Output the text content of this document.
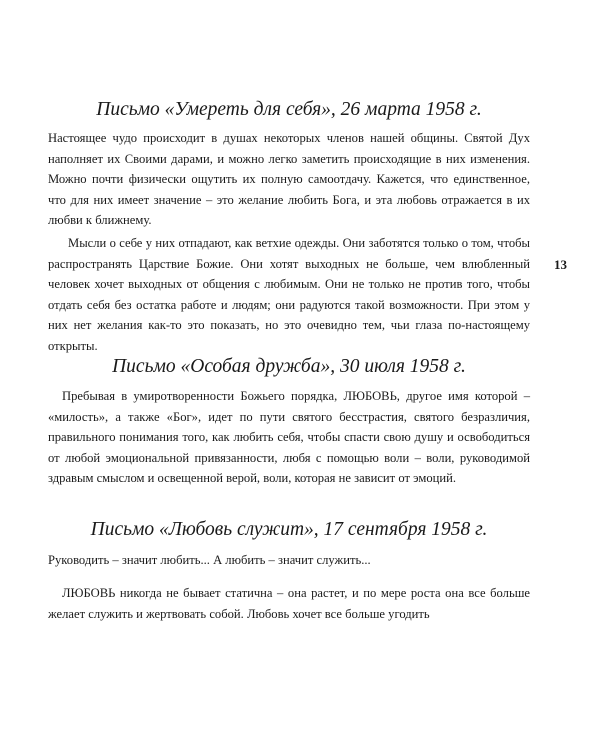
13

Письмо «Умереть для себя», 26 марта 1958 г.

Настоящее чудо происходит в душах некоторых членов нашей общины. Святой Дух наполняет их Своими дарами, и можно легко заметить происходящие в них изменения. Можно почти физически ощутить их полную самоотдачу. Кажется, что единственное, что для них имеет значение – это желание любить Бога, и эта любовь отражается в их любви к ближнему.

Мысли о себе у них отпадают, как ветхие одежды. Они заботятся только о том, чтобы распространять Царствие Божие. Они хотят выходных не больше, чем влюбленный человек хочет выходных от общения с любимым. Они не только не против того, чтобы отдать себя без остатка работе и людям; они радуются такой возможности. При этом у них нет желания как-то это показать, но это очевидно тем, чьи глаза по-настоящему открыты.

Письмо «Особая дружба», 30 июля 1958 г.

Пребывая в умиротворенности Божьего порядка, ЛЮБОВЬ, другое имя которой – «милость», а также «Бог», идет по пути святого бесстрастия, святого безразличия, правильного понимания того, как любить себя, чтобы спасти свою душу и освободиться от любой эмоциональной привязанности, любя с помощью воли – воли, руководимой здравым смыслом и освещенной верой, воли, которая не зависит от эмоций.

Письмо «Любовь служит», 17 сентября 1958 г.

Руководить – значит любить... А любить – значит служить...

ЛЮБОВЬ никогда не бывает статична – она растет, и по мере роста она все больше желает служить и жертвовать собой. Любовь хочет все больше угодить
